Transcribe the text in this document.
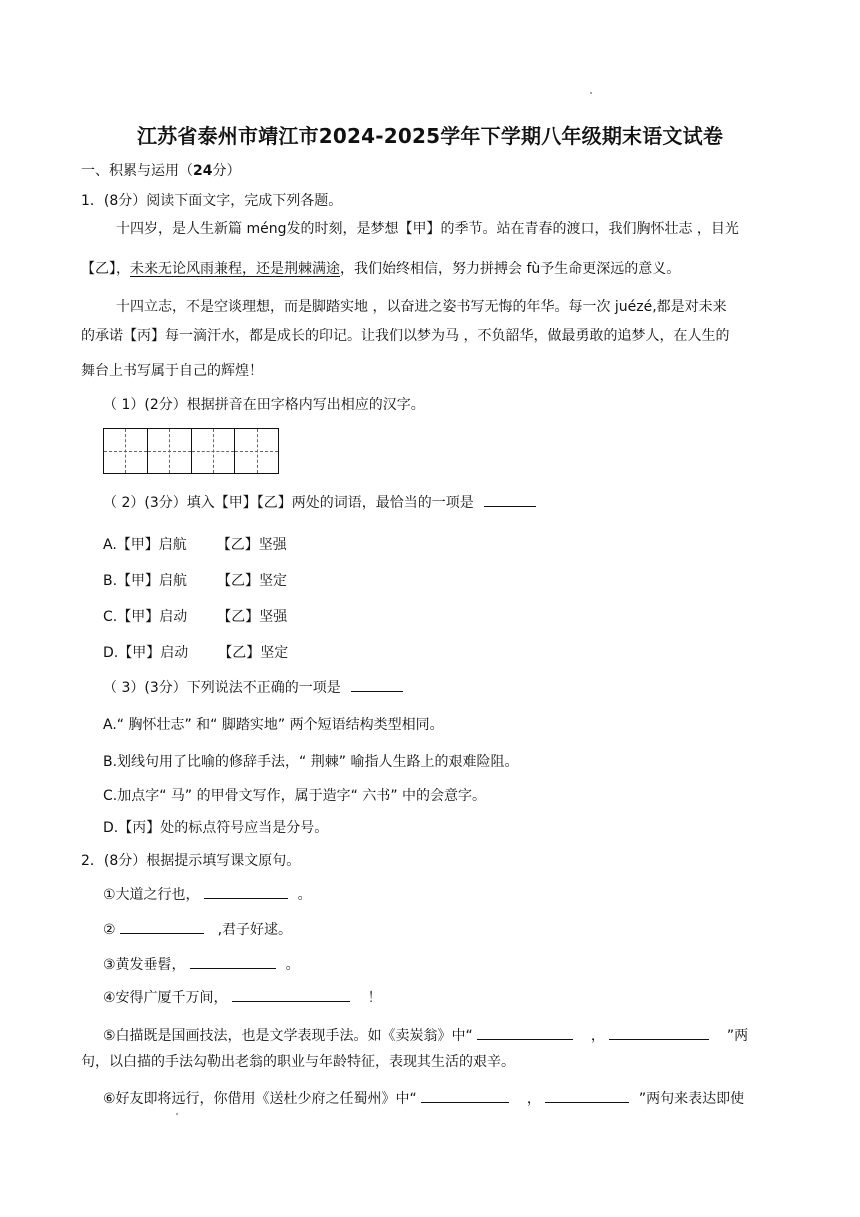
江苏省泰州市靖江市2024-2025学年下学期八年级期末语文试卷
一、积累与运用（24分）
1．(8分）阅读下面文字，完成下列各题。
十四岁，是人生新篇 méng发的时刻，是梦想【甲】的季节。站在青春的渡口，我们胸怀壮志 ，目光
【乙】，未来无论风雨兼程，还是荆棘满途，我们始终相信，努力拼搏会 fù予生命更深远的意义。
十四立志，不是空谈理想，而是脚踏实地 ，以奋进之姿书写无悔的年华。每一次 juézé,都是对未来
的承诺【丙】每一滴汗水，都是成长的印记。让我们以梦为马 ，不负韶华，做最勇敢的追梦人，在人生的
舞台上书写属于自己的辉煌！
（ 1）(2分）根据拼音在田字格内写出相应的汉字。
（ 2）(3分）填入【甲】【乙】两处的词语，最恰当的一项是
A.【甲】启航 【乙】坚强
B.【甲】启航 【乙】坚定
C.【甲】启动 【乙】坚强
D.【甲】启动 【乙】坚定
（ 3）(3分）下列说法不正确的一项是
A.“ 胸怀壮志” 和“ 脚踏实地” 两个短语结构类型相同。
B.划线句用了比喻的修辞手法，“ 荆棘” 喻指人生路上的艰难险阻。
C.加点字“ 马” 的甲骨文写作，属于造字“ 六书” 中的会意字。
D.【丙】处的标点符号应当是分号。
2．(8分）根据提示填写课文原句。
①大道之行也，	。
②	,君子好逑。
③黄发垂髫，	。
④安得广厦千万间，	！
⑤白描既是国画技法，也是文学表现手法。如《卖炭翁》中“	，	”两
句，以白描的手法勾勒出老翁的职业与年龄特征，表现其生活的艰辛。
⑥好友即将远行，你借用《送杜少府之任蜀州》中“	，	”两句来表达即使
